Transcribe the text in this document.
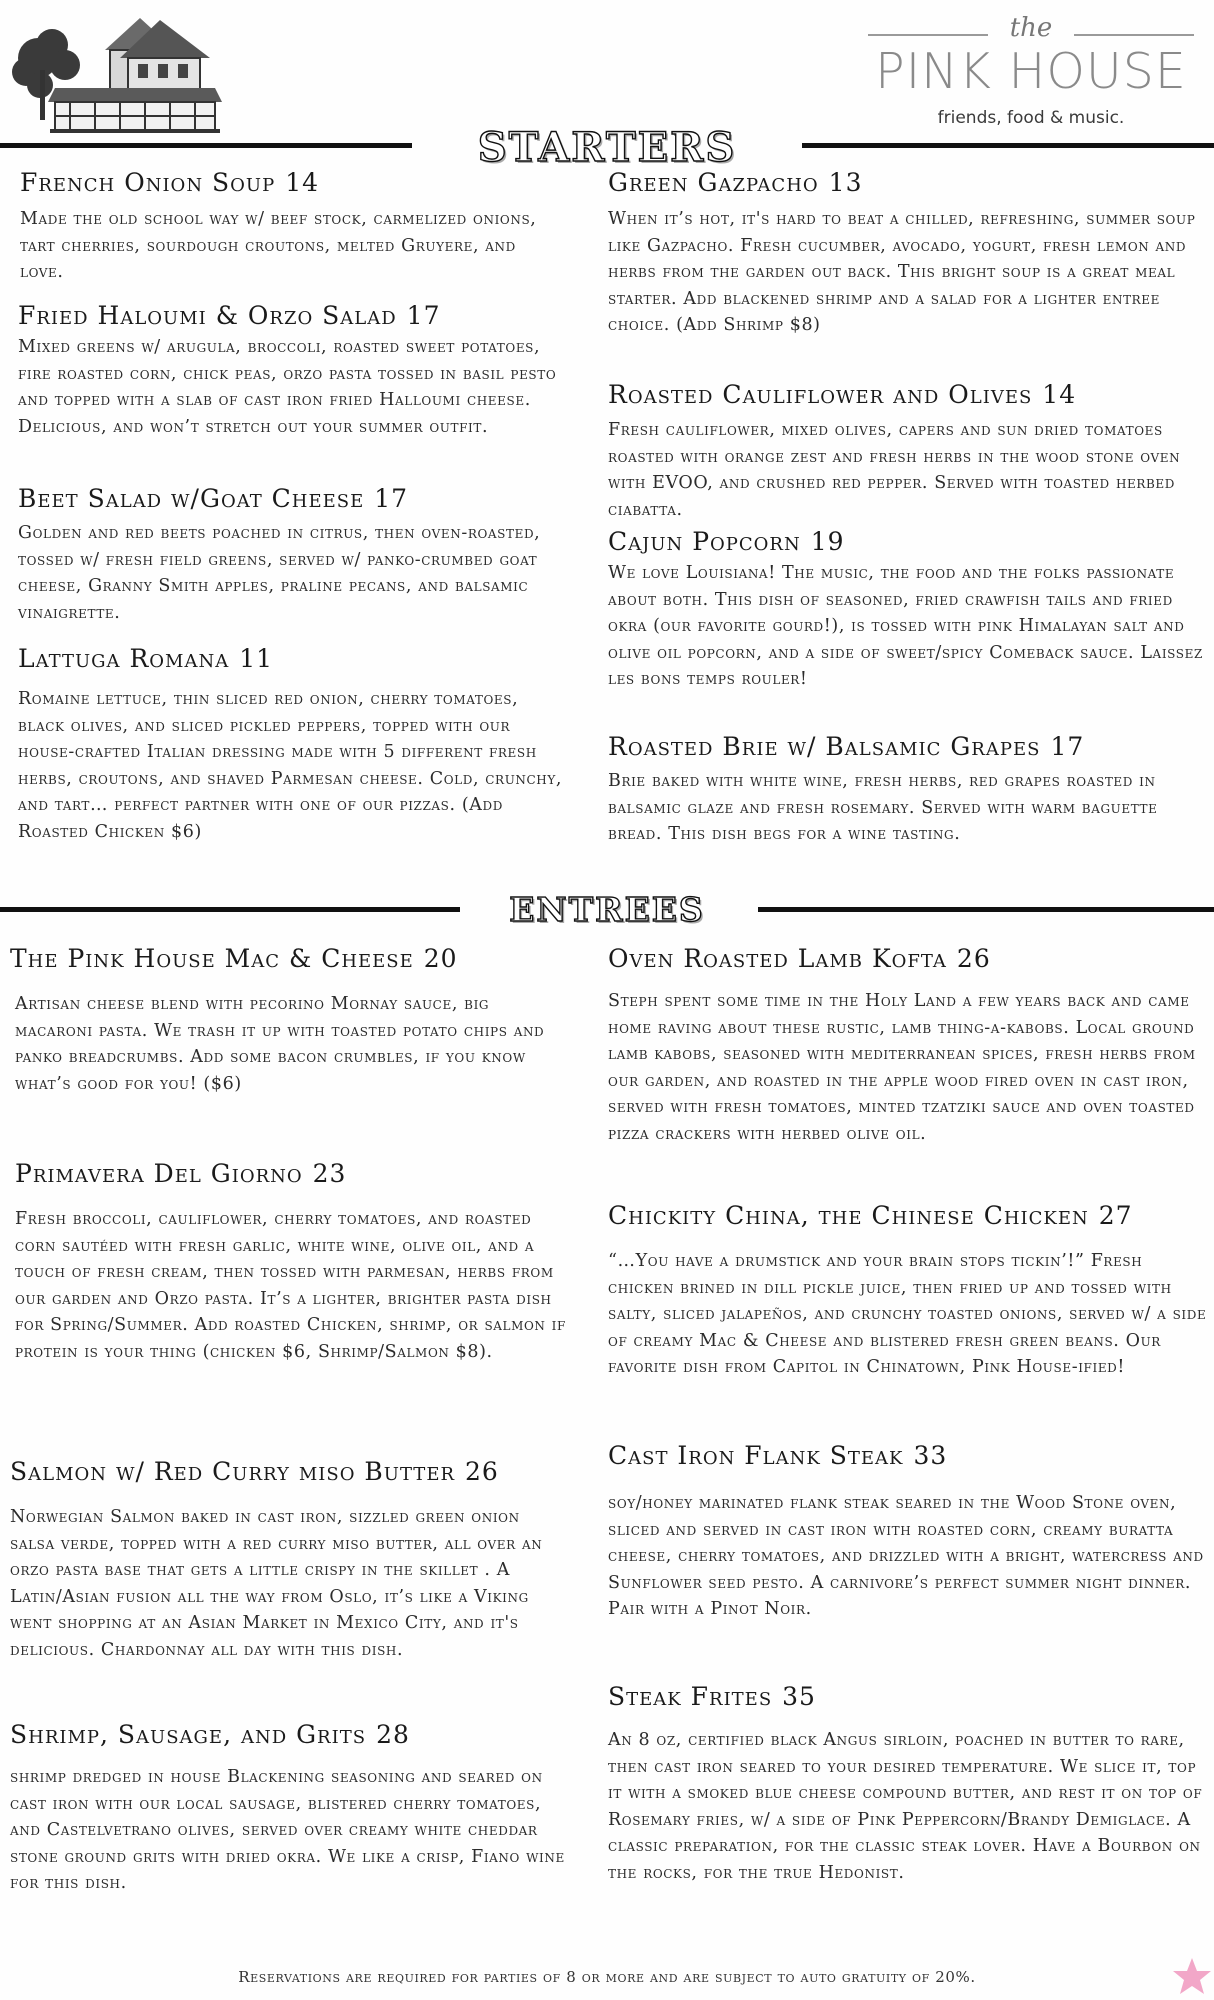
the
PINK HOUSE
friends, food & music.
STARTERS
French Onion Soup 14

Made the old school way w/ beef stock, carmelized onions, tart cherries, sourdough croutons, melted Gruyere, and love.

Fried Haloumi & Orzo Salad 17

Mixed greens w/ arugula, broccoli, roasted sweet potatoes, fire roasted corn, chick peas, orzo pasta tossed in basil pesto and topped with a slab of cast iron fried Halloumi cheese. Delicious, and won’t stretch out your summer outfit.

Beet Salad w/Goat Cheese 17

Golden and red beets poached in citrus, then oven-roasted, tossed w/ fresh field greens, served w/ panko-crumbed goat cheese, Granny Smith apples, praline pecans, and balsamic vinaigrette.

Lattuga Romana 11

Romaine lettuce, thin sliced red onion, cherry tomatoes, black olives, and sliced pickled peppers, topped with our house-crafted Italian dressing made with 5 different fresh herbs, croutons, and shaved Parmesan cheese. Cold, crunchy, and tart… perfect partner with one of our pizzas. (Add Roasted Chicken $6)

Green Gazpacho 13

When it’s hot, it's hard to beat a chilled, refreshing, summer soup like Gazpacho. Fresh cucumber, avocado, yogurt, fresh lemon and herbs from the garden out back. This bright soup is a great meal starter. Add blackened shrimp and a salad for a lighter entree choice. (Add Shrimp $8)

Roasted Cauliflower and Olives 14

Fresh cauliflower, mixed olives, capers and sun dried tomatoes roasted with orange zest and fresh herbs in the wood stone oven with EVOO, and crushed red pepper. Served with toasted herbed ciabatta.

Cajun Popcorn 19

We love Louisiana! The music, the food and the folks passionate about both. This dish of seasoned, fried crawfish tails and fried okra (our favorite gourd!), is tossed with pink Himalayan salt and olive oil popcorn, and a side of sweet/spicy Comeback sauce. Laissez les bons temps rouler!

Roasted Brie w/ Balsamic Grapes 17

Brie baked with white wine, fresh herbs, red grapes roasted in balsamic glaze and fresh rosemary. Served with warm baguette bread. This dish begs for a wine tasting.

ENTREES
The Pink House Mac & Cheese 20

Artisan cheese blend with pecorino Mornay sauce, big macaroni pasta. We trash it up with toasted potato chips and panko breadcrumbs. Add some bacon crumbles, if you know what’s good for you! ($6)

Primavera Del Giorno 23

Fresh broccoli, cauliflower, cherry tomatoes, and roasted corn sautéed with fresh garlic, white wine, olive oil, and a touch of fresh cream, then tossed with parmesan, herbs from our garden and Orzo pasta. It’s a lighter, brighter pasta dish for Spring/Summer. Add roasted Chicken, shrimp, or salmon if protein is your thing (chicken $6, Shrimp/Salmon $8).

Salmon w/ Red Curry miso Butter 26

Norwegian Salmon baked in cast iron, sizzled green onion salsa verde, topped with a red curry miso butter, all over an orzo pasta base that gets a little crispy in the skillet . A Latin/Asian fusion all the way from Oslo, it’s like a Viking went shopping at an Asian Market in Mexico City, and it's delicious. Chardonnay all day with this dish.

Shrimp, Sausage, and Grits 28

shrimp dredged in house Blackening seasoning and seared on cast iron with our local sausage, blistered cherry tomatoes, and Castelvetrano olives, served over creamy white cheddar stone ground grits with dried okra. We like a crisp, Fiano wine for this dish.

Oven Roasted Lamb Kofta 26

Steph spent some time in the Holy Land a few years back and came home raving about these rustic, lamb thing-a-kabobs. Local ground lamb kabobs, seasoned with mediterranean spices, fresh herbs from our garden, and roasted in the apple wood fired oven in cast iron, served with fresh tomatoes, minted tzatziki sauce and oven toasted pizza crackers with herbed olive oil.

Chickity China, the Chinese Chicken 27

“…You have a drumstick and your brain stops tickin’!” Fresh chicken brined in dill pickle juice, then fried up and tossed with salty, sliced jalapeños, and crunchy toasted onions, served w/ a side of creamy Mac & Cheese and blistered fresh green beans. Our favorite dish from Capitol in Chinatown, Pink House-ified!

Cast Iron Flank Steak 33

soy/honey marinated flank steak seared in the Wood Stone oven, sliced and served in cast iron with roasted corn, creamy buratta cheese, cherry tomatoes, and drizzled with a bright, watercress and Sunflower seed pesto. A carnivore’s perfect summer night dinner. Pair with a Pinot Noir.

Steak Frites 35

An 8 oz, certified black Angus sirloin, poached in butter to rare, then cast iron seared to your desired temperature. We slice it, top it with a smoked blue cheese compound butter, and rest it on top of Rosemary fries, w/ a side of Pink Peppercorn/Brandy Demiglace. A classic preparation, for the classic steak lover. Have a Bourbon on the rocks, for the true Hedonist.

Reservations are required for parties of 8 or more and are subject to auto gratuity of 20%.
